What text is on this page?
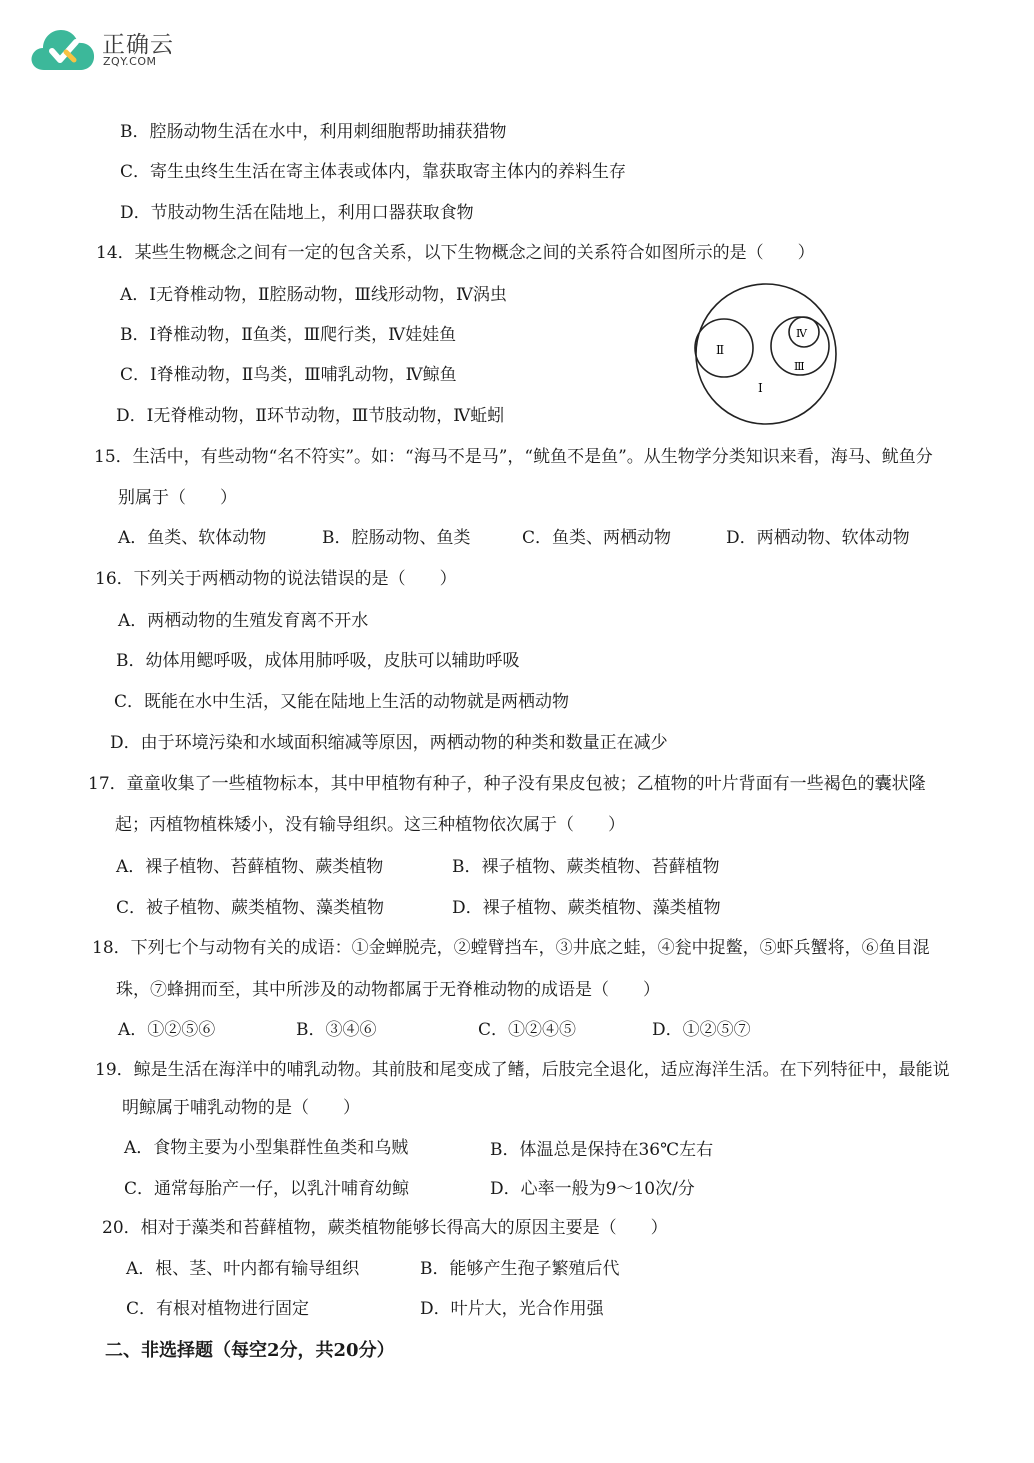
正确云
ZQY.COM
B．腔肠动物生活在水中，利用刺细胞帮助捕获猎物
C．寄生虫终生生活在寄主体表或体内，靠获取寄主体内的养料生存
D．节肢动物生活在陆地上，利用口器获取食物
14．某些生物概念之间有一定的包含关系，以下生物概念之间的关系符合如图所示的是（　　）
A．Ⅰ无脊椎动物，Ⅱ腔肠动物，Ⅲ线形动物，Ⅳ涡虫
B．Ⅰ脊椎动物，Ⅱ鱼类，Ⅲ爬行类，Ⅳ娃娃鱼
C．Ⅰ脊椎动物，Ⅱ鸟类，Ⅲ哺乳动物，Ⅳ鲸鱼
D．Ⅰ无脊椎动物，Ⅱ环节动物，Ⅲ节肢动物，Ⅳ蚯蚓
Ⅰ
Ⅱ
Ⅲ
Ⅳ
15．生活中，有些动物“名不符实”。如：“海马不是马”，“鱿鱼不是鱼”。从生物学分类知识来看，海马、鱿鱼分
别属于（　　）
A．鱼类、软体动物	B．腔肠动物、鱼类	C．鱼类、两栖动物	D．两栖动物、软体动物
16．下列关于两栖动物的说法错误的是（　　）
A．两栖动物的生殖发育离不开水
B．幼体用鳃呼吸，成体用肺呼吸，皮肤可以辅助呼吸
C．既能在水中生活，又能在陆地上生活的动物就是两栖动物
D．由于环境污染和水域面积缩减等原因，两栖动物的种类和数量正在减少
17．童童收集了一些植物标本，其中甲植物有种子，种子没有果皮包被；乙植物的叶片背面有一些褐色的囊状隆
起；丙植物植株矮小，没有输导组织。这三种植物依次属于（　　）
A．裸子植物、苔藓植物、蕨类植物	B．裸子植物、蕨类植物、苔藓植物
C．被子植物、蕨类植物、藻类植物	D．裸子植物、蕨类植物、藻类植物
18．下列七个与动物有关的成语：①金蝉脱壳，②螳臂挡车，③井底之蛙，④瓮中捉鳖，⑤虾兵蟹将，⑥鱼目混
珠，⑦蜂拥而至，其中所涉及的动物都属于无脊椎动物的成语是（　　）
A．①②⑤⑥	B．③④⑥	C．①②④⑤	D．①②⑤⑦
19．鲸是生活在海洋中的哺乳动物。其前肢和尾变成了鳍，后肢完全退化，适应海洋生活。在下列特征中，最能说
明鲸属于哺乳动物的是（　　）
A．食物主要为小型集群性鱼类和乌贼	B．体温总是保持在36℃左右
C．通常每胎产一仔，以乳汁哺育幼鲸	D．心率一般为9～10次/分
20．相对于藻类和苔藓植物，蕨类植物能够长得高大的原因主要是（　　）
A．根、茎、叶内都有输导组织	B．能够产生孢子繁殖后代
C．有根对植物进行固定	D．叶片大，光合作用强
二、非选择题（每空2分，共20分）
